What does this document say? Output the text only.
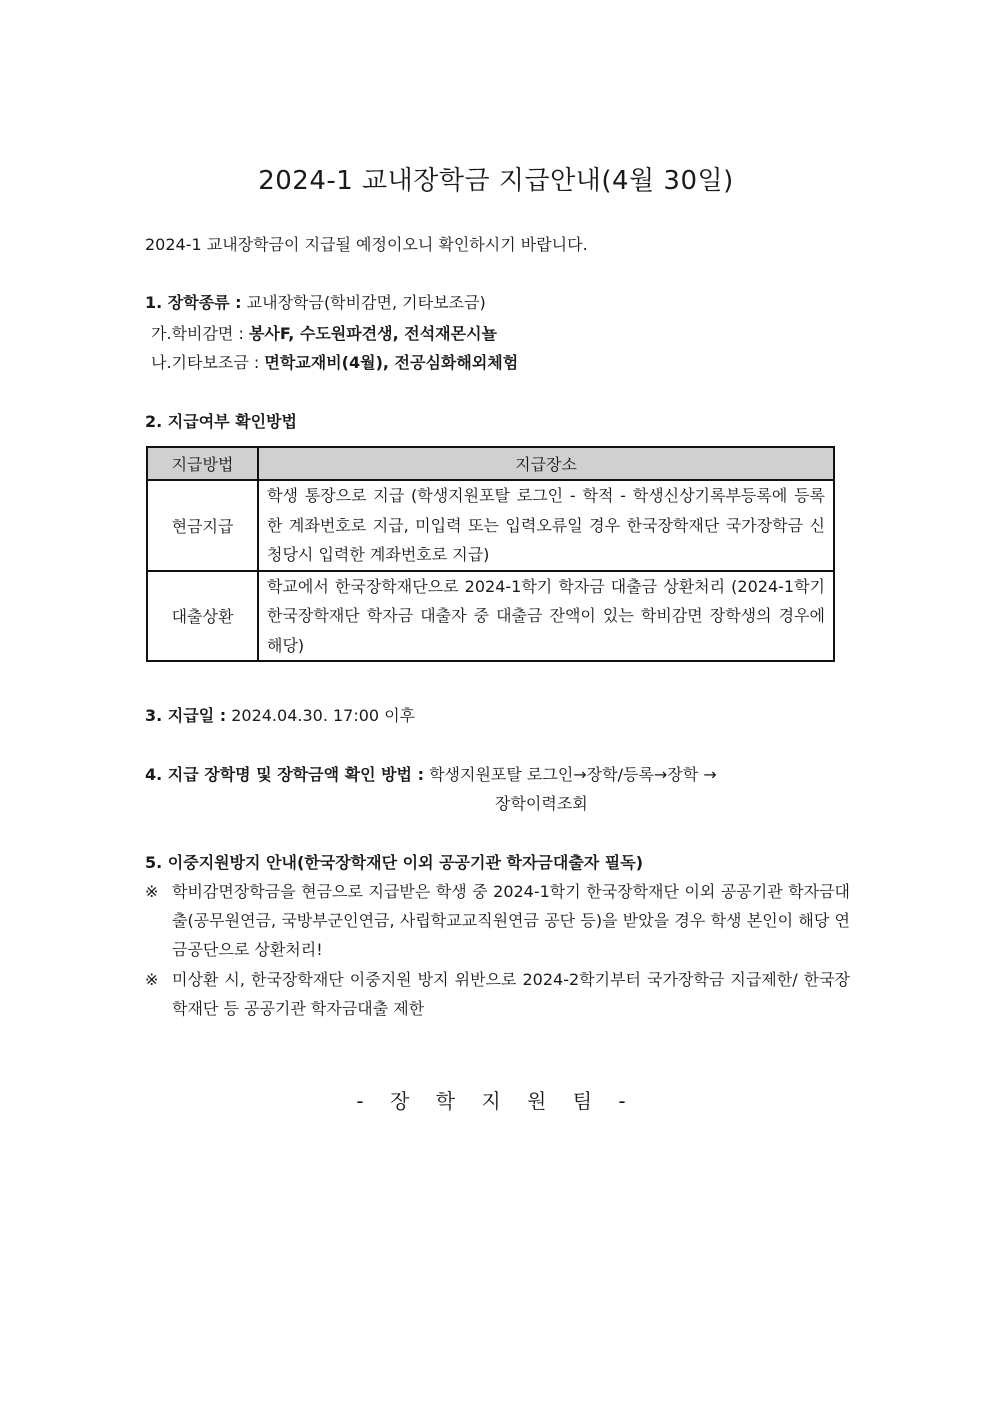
2024-1 교내장학금 지급안내(4월 30일)
2024-1 교내장학금이 지급될 예정이오니 확인하시기 바랍니다.
1. 장학종류 : 교내장학금(학비감면, 기타보조금)
가.학비감면 : 봉사F, 수도원파견생, 전석재몬시뇰
나.기타보조금 : 면학교재비(4월), 전공심화해외체험
2. 지급여부 확인방법
지급방법	지급장소
현금지급	학생 통장으로 지급 (학생지원포탈 로그인 - 학적 - 학생신상기록부등록에 등록한 계좌번호로 지급, 미입력 또는 입력오류일 경우 한국장학재단 국가장학금 신청당시 입력한 계좌번호로 지급)
대출상환	학교에서 한국장학재단으로 2024-1학기 학자금 대출금 상환처리 (2024-1학기 한국장학재단 학자금 대출자 중 대출금 잔액이 있는 학비감면 장학생의 경우에 해당)
3. 지급일 : 2024.04.30. 17:00 이후
4. 지급 장학명 및 장학금액 확인 방법 : 학생지원포탈 로그인→장학/등록→장학 →
장학이력조회
5. 이중지원방지 안내(한국장학재단 이외 공공기관 학자금대출자 필독)
※ 학비감면장학금을 현금으로 지급받은 학생 중 2024-1학기 한국장학재단 이외 공공기관 학자금대출(공무원연금, 국방부군인연금, 사립학교교직원연금 공단 등)을 받았을 경우 학생 본인이 해당 연금공단으로 상환처리!
※ 미상환 시, 한국장학재단 이중지원 방지 위반으로 2024-2학기부터 국가장학금 지급제한/ 한국장학재단 등 공공기관 학자금대출 제한
- 장 학 지 원 팀 -
